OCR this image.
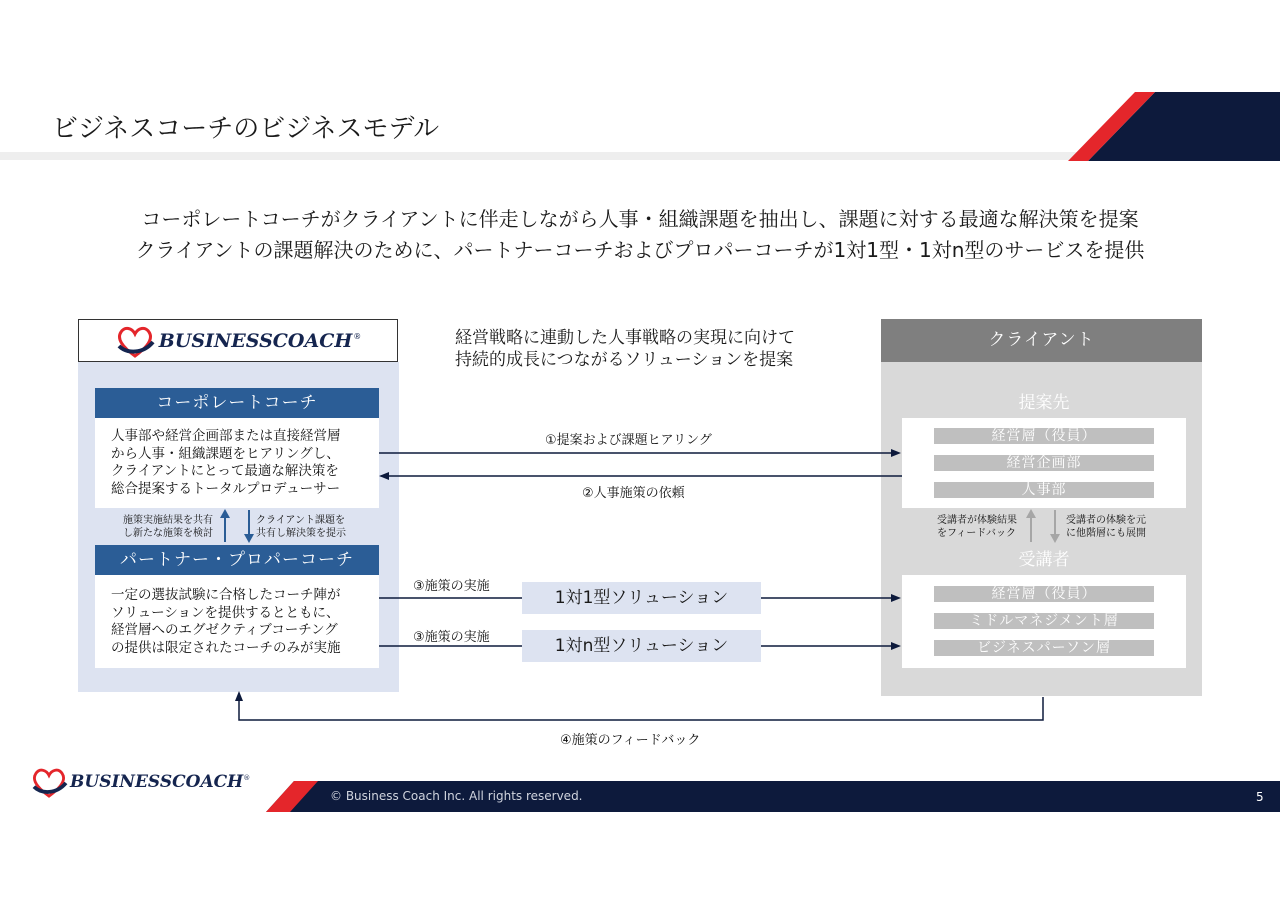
ビジネスコーチのビジネスモデル
コーポレートコーチがクライアントに伴走しながら人事・組織課題を抽出し、課題に対する最適な解決策を提案
クライアントの課題解決のために、パートナーコーチおよびプロパーコーチが1対1型・1対n型のサービスを提供
BUSINESSCOACH ®
コーポレートコーチ
人事部や経営企画部または直接経営層
から人事・組織課題をヒアリングし、
クライアントにとって最適な解決策を
総合提案するトータルプロデューサー
施策実施結果を共有
し新たな施策を検討
クライアント課題を
共有し解決策を提示
パートナー・プロパーコーチ
一定の選抜試験に合格したコーチ陣が
ソリューションを提供するとともに、
経営層へのエグゼクティブコーチング
の提供は限定されたコーチのみが実施
経営戦略に連動した人事戦略の実現に向けて
持続的成長につながるソリューションを提案
クライアント
提案先
経営層（役員）
経営企画部
人事部
受講者が体験結果
をフィードバック
受講者の体験を元
に他階層にも展開
受講者
経営層（役員）
ミドルマネジメント層
ビジネスパーソン層
①提案および課題ヒアリング
②人事施策の依頼
③施策の実施
③施策の実施
④施策のフィードバック
1対1型ソリューション
1対n型ソリューション
BUSINESSCOACH ®
© Business Coach Inc. All rights reserved.	5
